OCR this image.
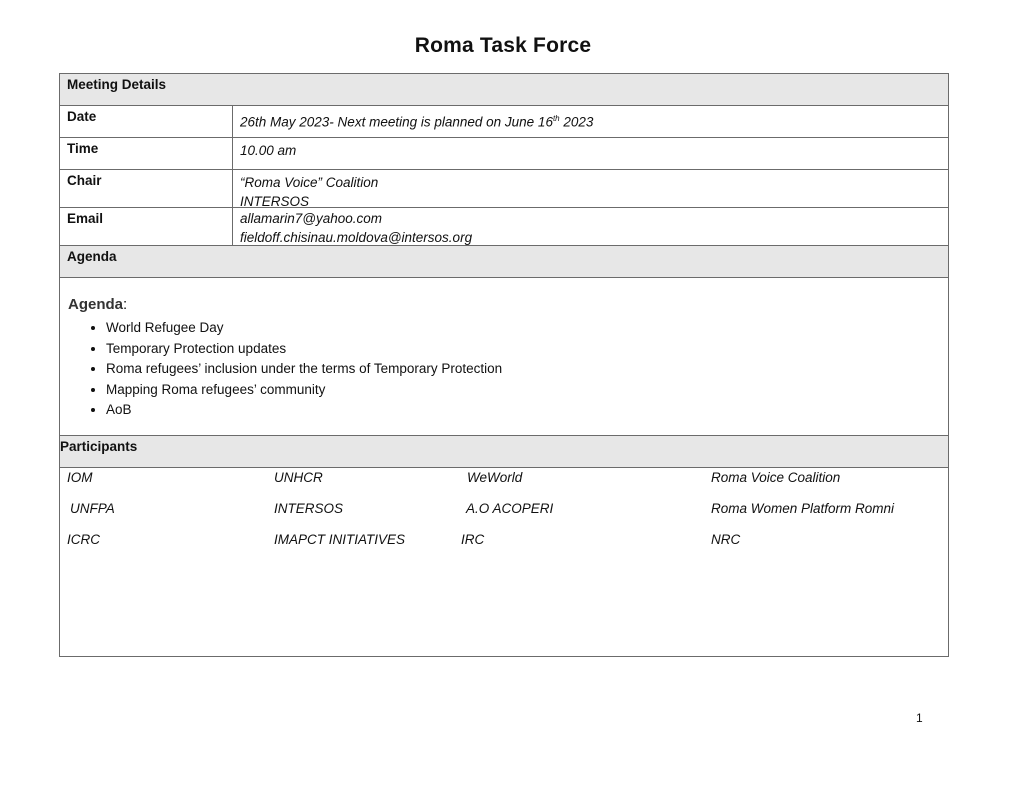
Roma Task Force
Meeting Details
Date	26th May 2023- Next meeting is planned on June 16th 2023
Time	10.00 am
Chair	“Roma Voice” Coalition
INTERSOS
Email	allamarin7@yahoo.com
fieldoff.chisinau.moldova@intersos.org
Agenda
Agenda:
• World Refugee Day
• Temporary Protection updates
• Roma refugees’ inclusion under the terms of Temporary Protection
• Mapping Roma refugees’ community
• AoB
Participants
IOM	UNHCR	WeWorld	Roma Voice Coalition
UNFPA	INTERSOS	A.O ACOPERI	Roma Women Platform Romni
ICRC	IMAPCT INITIATIVES	IRC	NRC
1
